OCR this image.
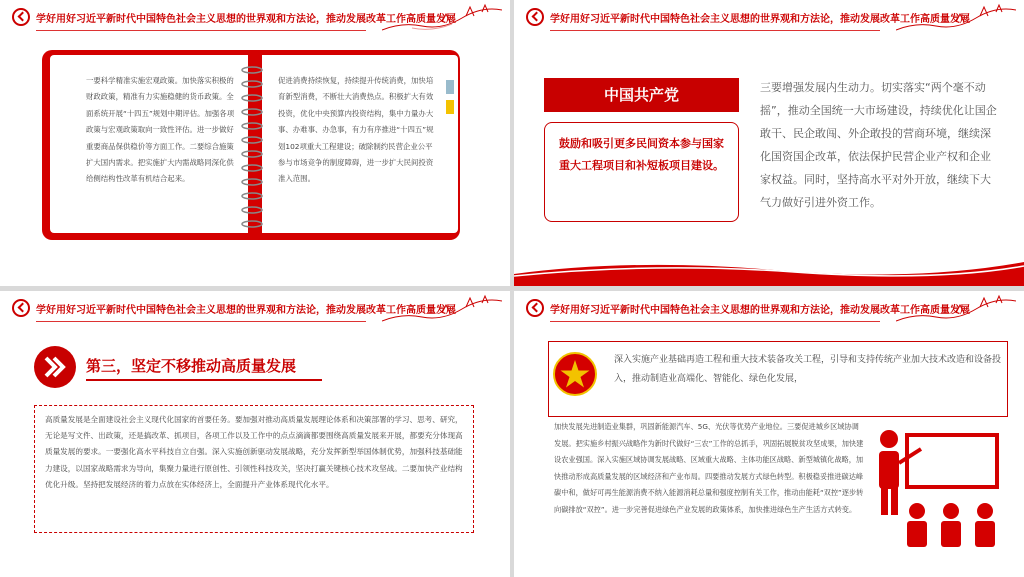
学好用好习近平新时代中国特色社会主义思想的世界观和方法论，推动发展改革工作高质量发展
一要科学精准实施宏观政策。加快落实积极的财政政策，精准有力实施稳健的货币政策。全面系统开展“十四五”规划中期评估。加强各项政策与宏观政策取向一致性评估。进一步做好重要商品保供稳价等方面工作。二要综合施策扩大国内需求。把实施扩大内需战略同深化供给侧结构性改革有机结合起来。
促进消费持续恢复，持续提升传统消费，加快培育新型消费，不断壮大消费热点。积极扩大有效投资，优化中央预算内投资结构，集中力量办大事、办难事、办急事，有力有序推进“十四五”规划102项重大工程建设；破除制约民营企业公平参与市场竞争的制度障碍，进一步扩大民间投资准入范围。
学好用好习近平新时代中国特色社会主义思想的世界观和方法论，推动发展改革工作高质量发展
中国共产党
鼓励和吸引更多民间资本参与国家重大工程项目和补短板项目建设。
三要增强发展内生动力。切实落实“两个毫不动摇”，推动全国统一大市场建设，持续优化让国企敢干、民企敢闯、外企敢投的营商环境，继续深化国资国企改革，依法保护民营企业产权和企业家权益。同时，坚持高水平对外开放，继续下大气力做好引进外资工作。
学好用好习近平新时代中国特色社会主义思想的世界观和方法论，推动发展改革工作高质量发展
第三，坚定不移推动高质量发展
高质量发展是全面建设社会主义现代化国家的首要任务。要加强对推动高质量发展理论体系和决策部署的学习、思考、研究，无论是写文件、出政策，还是搞改革、抓项目，各项工作以及工作中的点点滴滴都要围绕高质量发展来开展，都要充分体现高质量发展的要求。一要强化高水平科技自立自强。深入实施创新驱动发展战略，充分发挥新型举国体制优势，加强科技基础能力建设，以国家战略需求为导向，集聚力量进行原创性、引领性科技攻关，坚决打赢关键核心技术攻坚战。二要加快产业结构优化升级。坚持把发展经济的着力点放在实体经济上，全面提升产业体系现代化水平。
学好用好习近平新时代中国特色社会主义思想的世界观和方法论，推动发展改革工作高质量发展
深入实施产业基础再造工程和重大技术装备攻关工程，引导和支持传统产业加大技术改造和设备投入，推动制造业高端化、智能化、绿色化发展，
加快发展先进制造业集群，巩固新能源汽车、5G、光伏等优势产业地位。三要促进城乡区域协调发展。把实施乡村振兴战略作为新时代做好“三农”工作的总抓手，巩固拓展脱贫攻坚成果，加快建设农业强国。深入实施区域协调发展战略、区域重大战略、主体功能区战略、新型城镇化战略，加快推动形成高质量发展的区域经济和产业布局。四要推动发展方式绿色转型。积极稳妥推进碳达峰碳中和，做好可再生能源消费不纳入能源消耗总量和强度控制有关工作，推动由能耗“双控”逐步转向碳排放“双控”。进一步完善促进绿色产业发展的政策体系，加快推进绿色生产生活方式转变。
